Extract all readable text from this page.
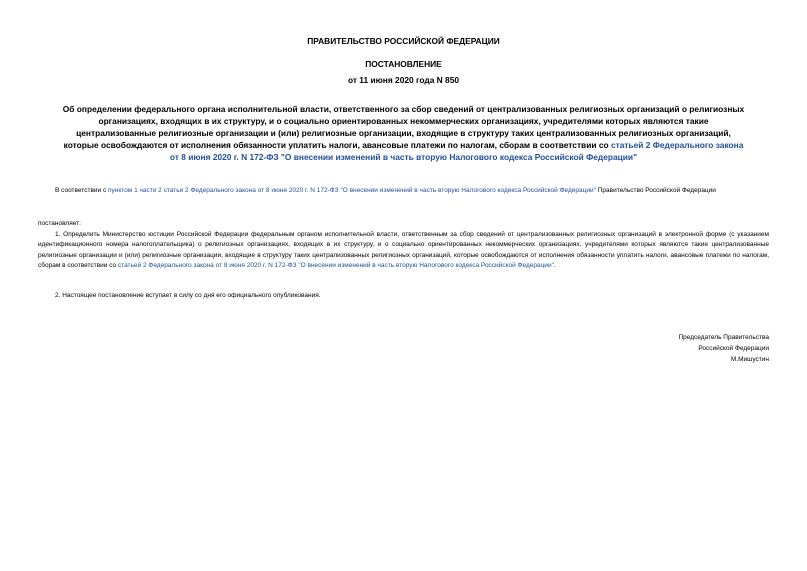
ПРАВИТЕЛЬСТВО РОССИЙСКОЙ ФЕДЕРАЦИИ
ПОСТАНОВЛЕНИЕ
от 11 июня 2020 года N 850
Об определении федерального органа исполнительной власти, ответственного за сбор сведений от централизованных религиозных организаций о религиозных
организациях, входящих в их структуру, и о социально ориентированных некоммерческих организациях, учредителями которых являются такие
централизованные религиозные организации и (или) религиозные организации, входящие в структуру таких централизованных религиозных организаций,
которые освобождаются от исполнения обязанности уплатить налоги, авансовые платежи по налогам, сборам в соответствии со статьей 2 Федерального закона
от 8 июня 2020 г. N 172-ФЗ "О внесении изменений в часть вторую Налогового кодекса Российской Федерации"

В соответствии с пунктом 1 части 2 статьи 2 Федерального закона от 8 июня 2020 г. N 172-ФЗ "О внесении изменений в часть вторую Налогового кодекса Российской Федерации" Правительство Российской Федерации

постановляет:

1. Определить Министерство юстиции Российской Федерации федеральным органом исполнительной власти, ответственным за сбор сведений от централизованных религиозных организаций в электронной форме (с указанием идентификационного номера налогоплательщика) о религиозных организациях, входящих в их структуру, и о социально ориентированных некоммерческих организациях, учредителями которых являются такие централизованные религиозные организации и (или) религиозные организации, входящие в структуру таких централизованных религиозных организаций, которые освобождаются от исполнения обязанности уплатить налоги, авансовые платежи по налогам, сборам в соответствии со статьей 2 Федерального закона от 8 июня 2020 г. N 172-ФЗ "О внесении изменений в часть вторую Налогового кодекса Российской Федерации".

2. Настоящее постановление вступает в силу со дня его официального опубликования.

Председатель Правительства
Российской Федерации
М.Мишустин
